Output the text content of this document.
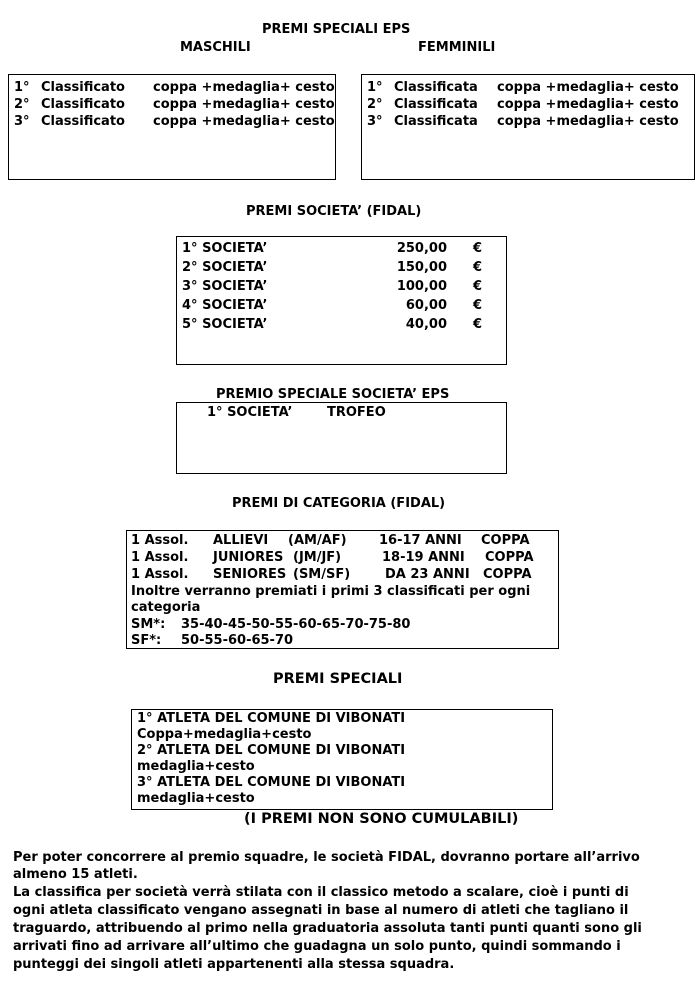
PREMI SPECIALI EPS
MASCHILI	FEMMINILI
1° Classificato coppa +medaglia+ cesto
2° Classificato coppa +medaglia+ cesto
3° Classificato coppa +medaglia+ cesto
1° Classificata coppa +medaglia+ cesto
2° Classificata coppa +medaglia+ cesto
3° Classificata coppa +medaglia+ cesto
PREMI SOCIETA’ (FIDAL)
1° SOCIETA’	250,00 €
2° SOCIETA’	150,00 €
3° SOCIETA’	100,00 €
4° SOCIETA’	60,00 €
5° SOCIETA’	40,00 €
PREMIO SPECIALE SOCIETA’ EPS
1° SOCIETA’	TROFEO
PREMI DI CATEGORIA (FIDAL)
1 Assol. ALLIEVI (AM/AF) 16-17 ANNI COPPA
1 Assol. JUNIORES (JM/JF)	18-19 ANNI COPPA
1 Assol. SENIORES (SM/SF)	DA 23 ANNI COPPA
Inoltre verranno premiati i primi 3 classificati per ogni
categoria
SM*: 35-40-45-50-55-60-65-70-75-80
SF*: 50-55-60-65-70
PREMI SPECIALI
1° ATLETA DEL COMUNE DI VIBONATI
Coppa+medaglia+cesto
2° ATLETA DEL COMUNE DI VIBONATI
medaglia+cesto
3° ATLETA DEL COMUNE DI VIBONATI
medaglia+cesto
(I PREMI NON SONO CUMULABILI)
Per poter concorrere al premio squadre, le società FIDAL, dovranno portare all’arrivo
almeno 15 atleti.
La classifica per società verrà stilata con il classico metodo a scalare, cioè i punti di
ogni atleta classificato vengano assegnati in base al numero di atleti che tagliano il
traguardo, attribuendo al primo nella graduatoria assoluta tanti punti quanti sono gli
arrivati fino ad arrivare all’ultimo che guadagna un solo punto, quindi sommando i
punteggi dei singoli atleti appartenenti alla stessa squadra.
